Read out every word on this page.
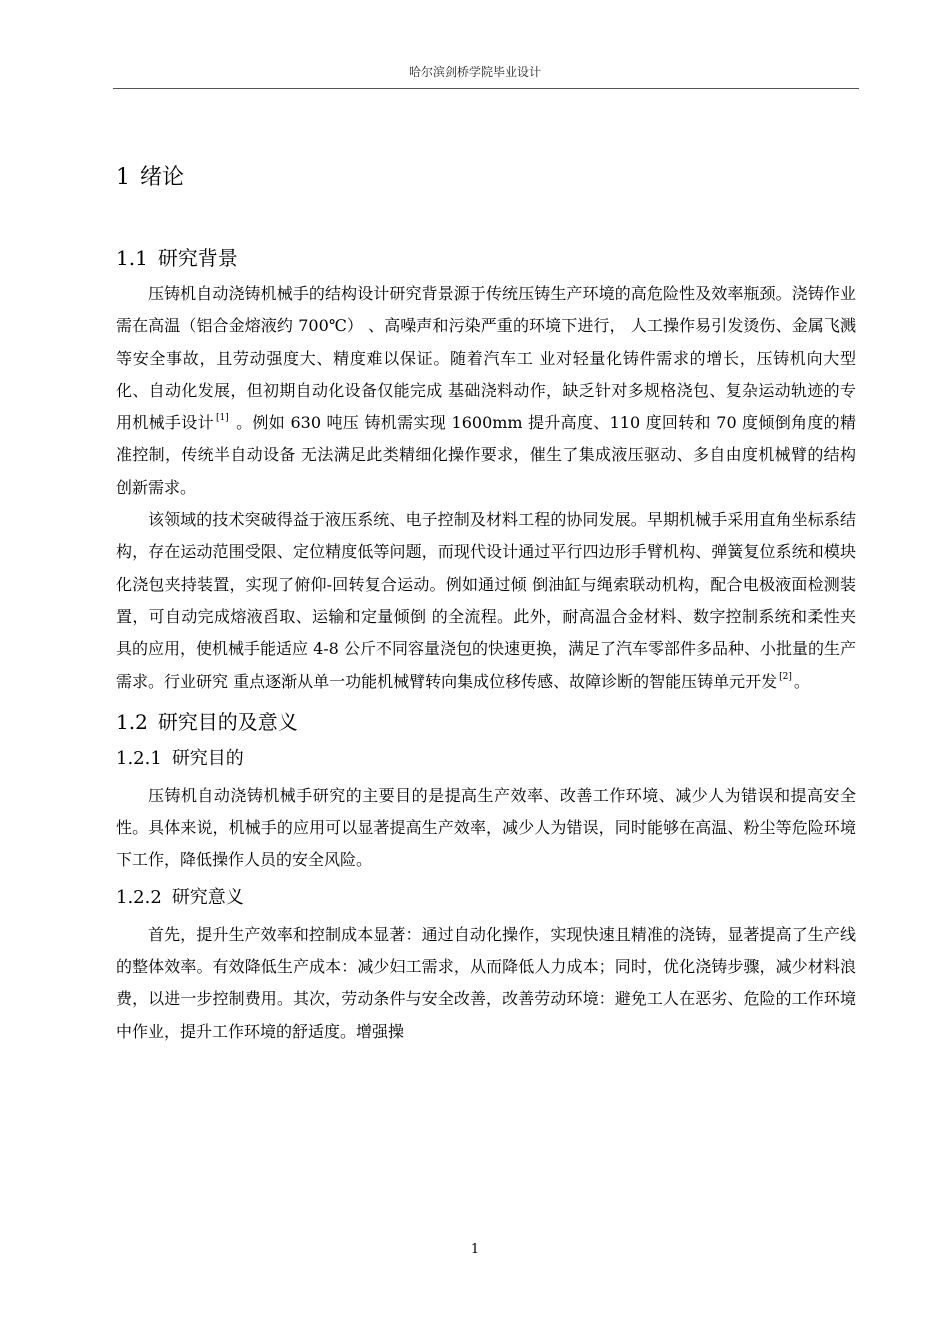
哈尔滨剑桥学院毕业设计
1 绪论
1.1 研究背景

压铸机自动浇铸机械手的结构设计研究背景源于传统压铸生产环境的高危险性及效率瓶颈。浇铸作业需在高温（铝合金熔液约 700℃） 、高噪声和污染严重的环境下进行， 人工操作易引发烫伤、金属飞溅等安全事故，且劳动强度大、精度难以保证。随着汽车工 业对轻量化铸件需求的增长，压铸机向大型化、自动化发展，但初期自动化设备仅能完成 基础浇料动作，缺乏针对多规格浇包、复杂运动轨迹的专用机械手设计 [1] 。例如 630 吨压 铸机需实现 1600mm 提升高度、110 度回转和 70 度倾倒角度的精准控制，传统半自动设备 无法满足此类精细化操作要求，催生了集成液压驱动、多自由度机械臂的结构创新需求。

该领域的技术突破得益于液压系统、电子控制及材料工程的协同发展。早期机械手采用直角坐标系结构，存在运动范围受限、定位精度低等问题，而现代设计通过平行四边形手臂机构、弹簧复位系统和模块化浇包夹持装置，实现了俯仰-回转复合运动。例如通过倾 倒油缸与绳索联动机构，配合电极液面检测装置，可自动完成熔液舀取、运输和定量倾倒 的全流程。此外，耐高温合金材料、数字控制系统和柔性夹具的应用，使机械手能适应 4-8 公斤不同容量浇包的快速更换，满足了汽车零部件多品种、小批量的生产需求。行业研究 重点逐渐从单一功能机械臂转向集成位移传感、故障诊断的智能压铸单元开发 [2] 。

1.2 研究目的及意义
1.2.1 研究目的

压铸机自动浇铸机械手研究的主要目的是提高生产效率、改善工作环境、减少人为错误和提高安全性。具体来说，机械手的应用可以显著提高生产效率，减少人为错误，同时能够在高温、粉尘等危险环境下工作，降低操作人员的安全风险。

1.2.2 研究意义

首先，提升生产效率和控制成本显著：通过自动化操作，实现快速且精准的浇铸，显著提高了生产线的整体效率。有效降低生产成本：减少妇工需求，从而降低人力成本；同时，优化浇铸步骤，减少材料浪费，以进一步控制费用。其次，劳动条件与安全改善，改善劳动环境：避免工人在恶劣、危险的工作环境中作业，提升工作环境的舒适度。增强操

1
